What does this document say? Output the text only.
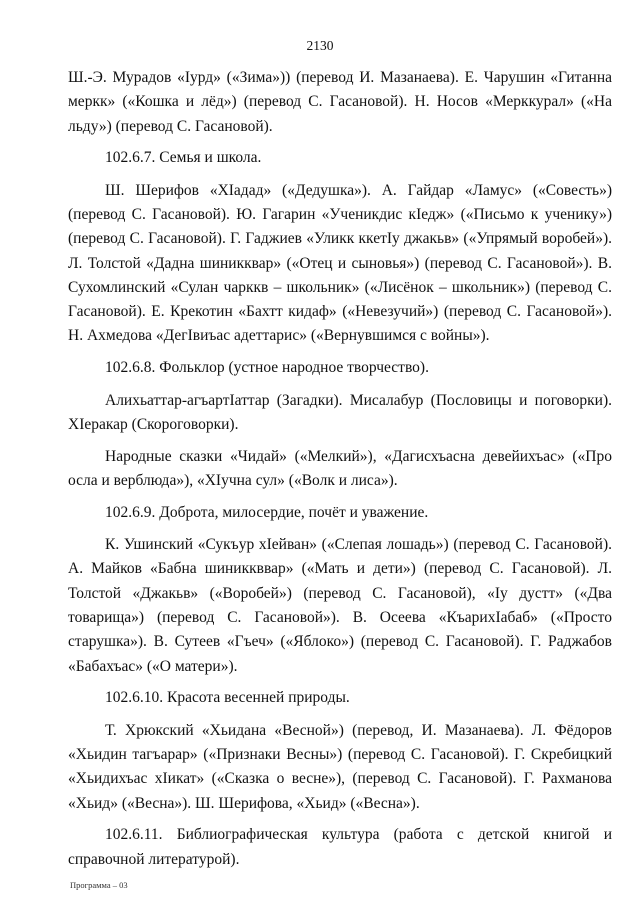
2130

Ш.-Э. Мурадов «Iурд» («Зима»)) (перевод И. Мазанаева). Е. Чарушин «Гитанна меркк» («Кошка и лёд») (перевод С. Гасановой). Н. Носов «Мерккурал» («На льду») (перевод С. Гасановой).

102.6.7. Семья и школа.

Ш. Шерифов «ХIадад» («Дедушка»). А. Гайдар «Ламус» («Совесть») (перевод С. Гасановой). Ю. Гагарин «Ученикдис кIедж» («Письмо к ученику») (перевод С. Гасановой). Г. Гаджиев «Уликк ккетIу джакьв» («Упрямый воробей»). Л. Толстой «Дадна шиникквар» («Отец и сыновья») (перевод С. Гасановой»). В. Сухомлинский «Сулан чарккв – школьник» («Лисёнок – школьник») (перевод С. Гасановой). Е. Крекотин «Бахтт кидаф» («Невезучий») (перевод С. Гасановой»). Н. Ахмедова «ДегIвиъас адеттарис» («Вернувшимся с войны»).

102.6.8. Фольклор (устное народное творчество).

Алихьаттар-агъартIаттар (Загадки). Мисалабур (Пословицы и поговорки). ХIеракар (Скороговорки).

Народные сказки «Чидай» («Мелкий»), «Дагисхъасна девейихъас» («Про осла и верблюда»), «ХIучна сул» («Волк и лиса»).

102.6.9. Доброта, милосердие, почёт и уважение.

К. Ушинский «Сукъур хIейван» («Слепая лошадь») (перевод С. Гасановой). А. Майков «Бабна шиниккввар» («Мать и дети») (перевод С. Гасановой). Л. Толстой «Джакьв» («Воробей») (перевод С. Гасановой), «Iу дустт» («Два товарища») (перевод С. Гасановой»). В. Осеева «КъарихIабаб» («Просто старушка»). В. Сутеев «Гъеч» («Яблоко») (перевод С. Гасановой). Г. Раджабов «Бабахъас» («О матери»).

102.6.10. Красота весенней природы.

Т. Хрюкский «Хьидана «Весной») (перевод, И. Мазанаева). Л. Фёдоров «Хьидин тагъарар» («Признаки Весны») (перевод С. Гасановой). Г. Скребицкий «Хьидихъас хIикат» («Сказка о весне»), (перевод С. Гасановой). Г. Рахманова «Хьид» («Весна»). Ш. Шерифова, «Хьид» («Весна»).

102.6.11. Библиографическая культура (работа с детской книгой и справочной литературой).

Программа – 03
